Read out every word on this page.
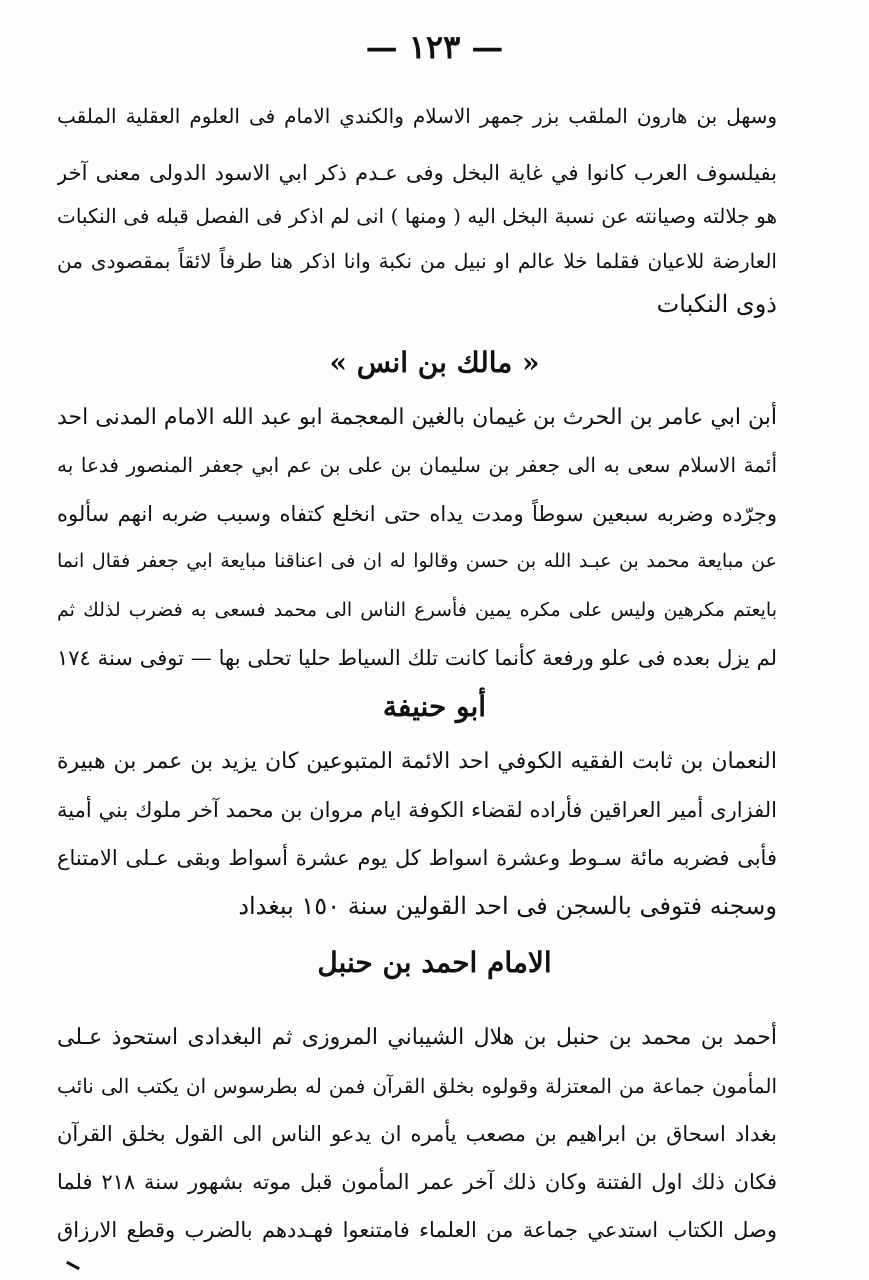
— ١٢٣ —
وسهل بن هارون الملقب بزر جمهر الاسلام والكندي الامام فى العلوم العقلية الملقب
بفيلسوف العرب كانوا في غاية البخل وفى عـدم ذكر ابي الاسود الدولى معنى آخر
هو جلالته وصيانته عن نسبة البخل اليه ( ومنها ) انى لم اذكر فى الفصل قبله فى النكبات
العارضة للاعيان فقلما خلا عالم او نبيل من نكبة وانا اذكر هنا طرفاً لائقاً بمقصودى من
ذوى النكبات
« مالك بن انس »
أبن ابي عامر بن الحرث بن غيمان بالغين المعجمة ابو عبد الله الامام المدنى احد
أئمة الاسلام سعى به الى جعفر بن سليمان بن على بن عم ابي جعفر المنصور فدعا به
وجرّده وضربه سبعين سوطاً ومدت يداه حتى انخلع كتفاه وسبب ضربه انهم سألوه
عن مبايعة محمد بن عبـد الله بن حسن وقالوا له ان فى اعناقنا مبايعة ابي جعفر فقال انما
بايعتم مكرهين وليس على مكره يمين فأسرع الناس الى محمد فسعى به فضرب لذلك ثم
لم يزل بعده فى علو ورفعة كأنما كانت تلك السياط حليا تحلى بها — توفى سنة ١٧٤
أبو حنيفة
النعمان بن ثابت الفقيه الكوفي احد الائمة المتبوعين كان يزيد بن عمر بن هبيرة
الفزارى أمير العراقين فأراده لقضاء الكوفة ايام مروان بن محمد آخر ملوك بني أمية
فأبى فضربه مائة سـوط وعشرة اسواط كل يوم عشرة أسواط وبقى عـلى الامتناع
وسجنه فتوفى بالسجن فى احد القولين سنة ١٥٠ ببغداد
الامام احمد بن حنبل
أحمد بن محمد بن حنبل بن هلال الشيباني المروزى ثم البغدادى استحوذ عـلى
المأمون جماعة من المعتزلة وقولوه بخلق القرآن فمن له بطرسوس ان يكتب الى نائب
بغداد اسحاق بن ابراهيم بن مصعب يأمره ان يدعو الناس الى القول بخلق القرآن
فكان ذلك اول الفتنة وكان ذلك آخر عمر المأمون قبل موته بشهور سنة ٢١٨ فلما
وصل الكتاب استدعي جماعة من العلماء فامتنعوا فهـددهم بالضرب وقطع الارزاق
